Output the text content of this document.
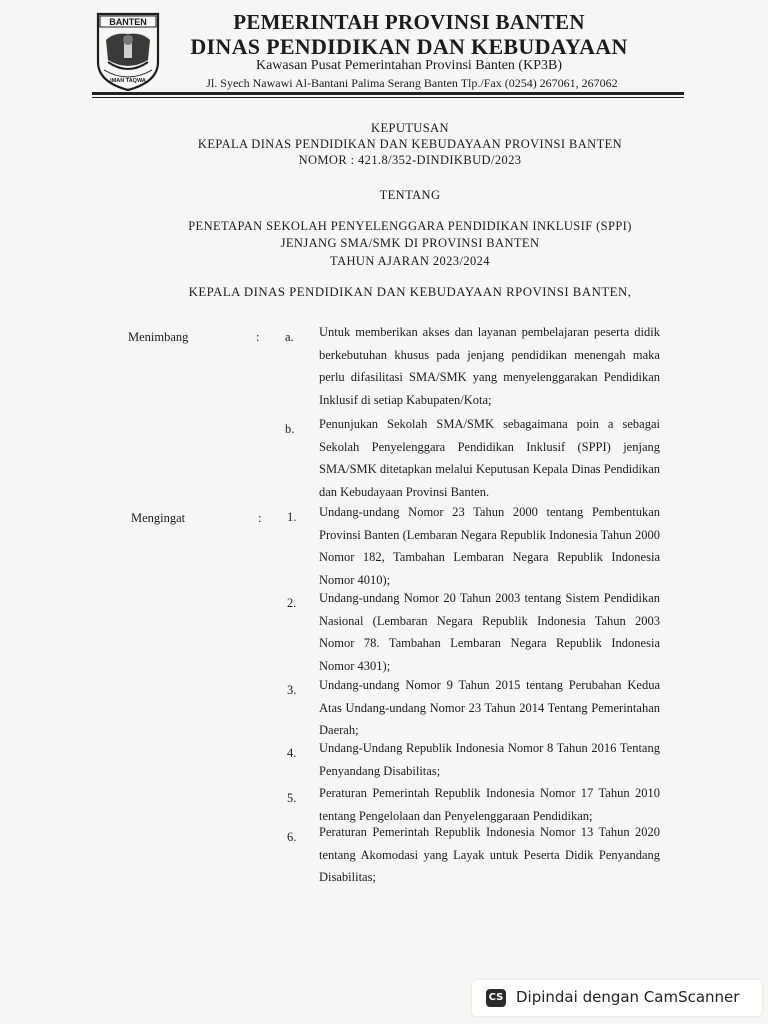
BANTEN
IMAN TAQWA
PEMERINTAH PROVINSI BANTEN
DINAS PENDIDIKAN DAN KEBUDAYAAN
Kawasan Pusat Pemerintahan Provinsi Banten (KP3B)
Jl. Syech Nawawi Al-Bantani Palima Serang Banten Tlp./Fax (0254) 267061, 267062
KEPUTUSAN
KEPALA DINAS PENDIDIKAN DAN KEBUDAYAAN PROVINSI BANTEN
NOMOR : 421.8/352-DINDIKBUD/2023
TENTANG
PENETAPAN SEKOLAH PENYELENGGARA PENDIDIKAN INKLUSIF (SPPI)
JENJANG SMA/SMK DI PROVINSI BANTEN
TAHUN AJARAN 2023/2024
KEPALA DINAS PENDIDIKAN DAN KEBUDAYAAN RPOVINSI BANTEN,
Menimbang	: a. Untuk memberikan akses dan layanan pembelajaran peserta didik berkebutuhan khusus pada jenjang pendidikan menengah maka perlu difasilitasi SMA/SMK yang menyelenggarakan Pendidikan Inklusif di setiap Kabupaten/Kota;
b. Penunjukan Sekolah SMA/SMK sebagaimana poin a sebagai Sekolah Penyelenggara Pendidikan Inklusif (SPPI) jenjang SMA/SMK ditetapkan melalui Keputusan Kepala Dinas Pendidikan dan Kebudayaan Provinsi Banten.
Mengingat	: 1. Undang-undang Nomor 23 Tahun 2000 tentang Pembentukan Provinsi Banten (Lembaran Negara Republik Indonesia Tahun 2000 Nomor 182, Tambahan Lembaran Negara Republik Indonesia Nomor 4010);
2. Undang-undang Nomor 20 Tahun 2003 tentang Sistem Pendidikan Nasional (Lembaran Negara Republik Indonesia Tahun 2003 Nomor 78. Tambahan Lembaran Negara Republik Indonesia Nomor 4301);
3. Undang-undang Nomor 9 Tahun 2015 tentang Perubahan Kedua Atas Undang-undang Nomor 23 Tahun 2014 Tentang Pemerintahan Daerah;
4. Undang-Undang Republik Indonesia Nomor 8 Tahun 2016 Tentang Penyandang Disabilitas;
5. Peraturan Pemerintah Republik Indonesia Nomor 17 Tahun 2010 tentang Pengelolaan dan Penyelenggaraan Pendidikan;
6. Peraturan Pemerintah Republik Indonesia Nomor 13 Tahun 2020 tentang Akomodasi yang Layak untuk Peserta Didik Penyandang Disabilitas;
CS Dipindai dengan CamScanner
